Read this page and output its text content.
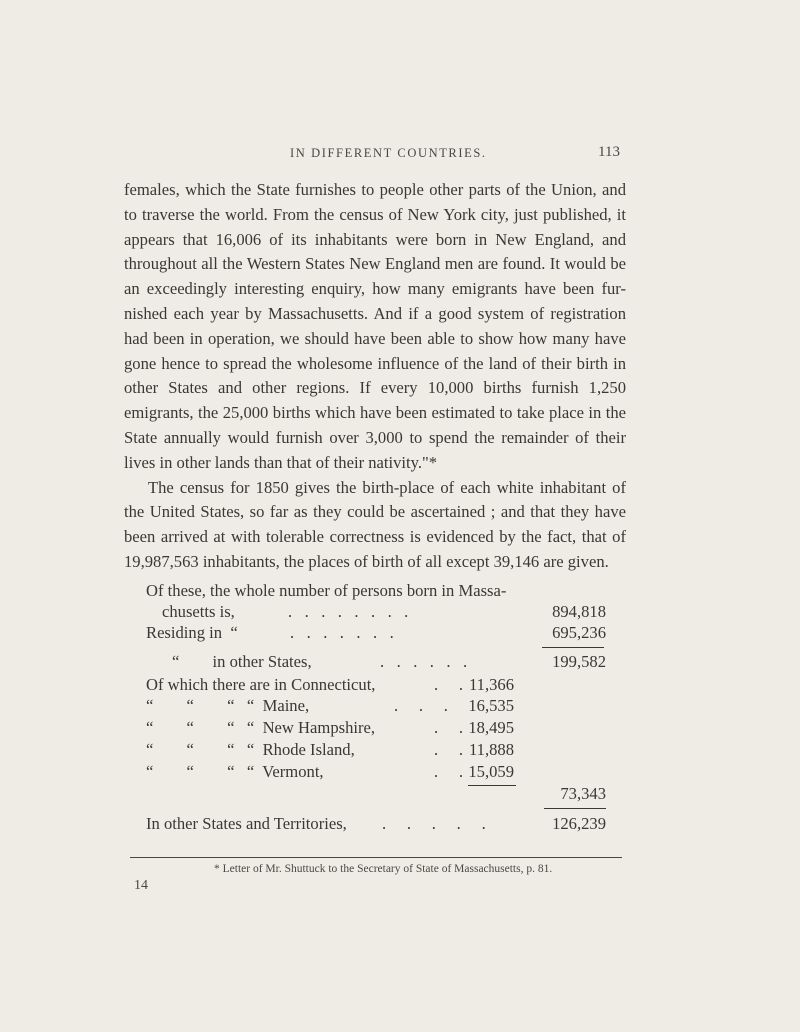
IN DIFFERENT COUNTRIES.	113

females, which the State furnishes to people other parts of the Union, and to traverse the world. From the census of New York city, just published, it appears that 16,006 of its inhabitants were born in New England, and throughout all the Western States New England men are found. It would be an exceedingly interesting enquiry, how many emigrants have been fur-nished each year by Massachusetts. And if a good system of registration had been in operation, we should have been able to show how many have gone hence to spread the wholesome influence of the land of their birth in other States and other regions. If every 10,000 births furnish 1,250 emigrants, the 25,000 births which have been estimated to take place in the State annually would furnish over 3,000 to spend the remainder of their lives in other lands than that of their nativity."*

The census for 1850 gives the birth-place of each white inhabitant of the United States, so far as they could be ascertained ; and that they have been arrived at with tolerable correctness is evidenced by the fact, that of 19,987,563 inhabitants, the places of birth of all except 39,146 are given.

Of these, the whole number of persons born in Massa-
chusetts is,	.   .   .   .   .   .   .   .	894,818
Residing in  “	.   .   .   .   .   .   .	695,236
“        in other States,	.   .   .   .   .   .	199,582
Of which there are in Connecticut,	.     . 11,366
“        “        “   “  Maine,	.     .     . 16,535
“        “        “   “  New Hampshire,	.     . 18,495
“        “        “   “  Rhode Island,	.     . 11,888
“        “        “   “  Vermont,	.     . 15,059
73,343
In other States and Territories, .     .     .     .     .	126,239
* Letter of Mr. Shuttuck to the Secretary of State of Massachusetts, p. 81.
14
